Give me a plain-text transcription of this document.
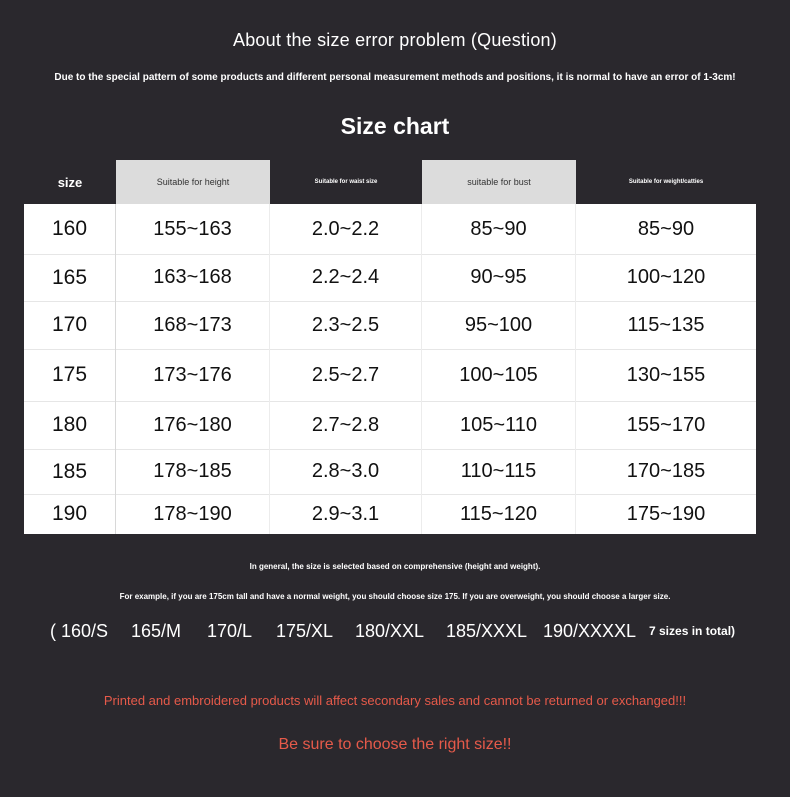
About the size error problem (Question)
Due to the special pattern of some products and different personal measurement methods and positions, it is normal to have an error of 1-3cm!
Size chart
size	Suitable for height	Suitable for waist size	suitable for bust	Suitable for weight/catties
160	155~163	2.0~2.2	85~90	85~90
165	163~168	2.2~2.4	90~95	100~120
170	168~173	2.3~2.5	95~100	115~135
175	173~176	2.5~2.7	100~105	130~155
180	176~180	2.7~2.8	105~110	155~170
185	178~185	2.8~3.0	110~115	170~185
190	178~190	2.9~3.1	115~120	175~190
In general, the size is selected based on comprehensive (height and weight).
For example, if you are 175cm tall and have a normal weight, you should choose size 175. If you are overweight, you should choose a larger size.
( 160/S 165/M 170/L 175/XL 180/XXL 185/XXXL 190/XXXXL 7 sizes in total)
Printed and embroidered products will affect secondary sales and cannot be returned or exchanged!!!
Be sure to choose the right size!!
